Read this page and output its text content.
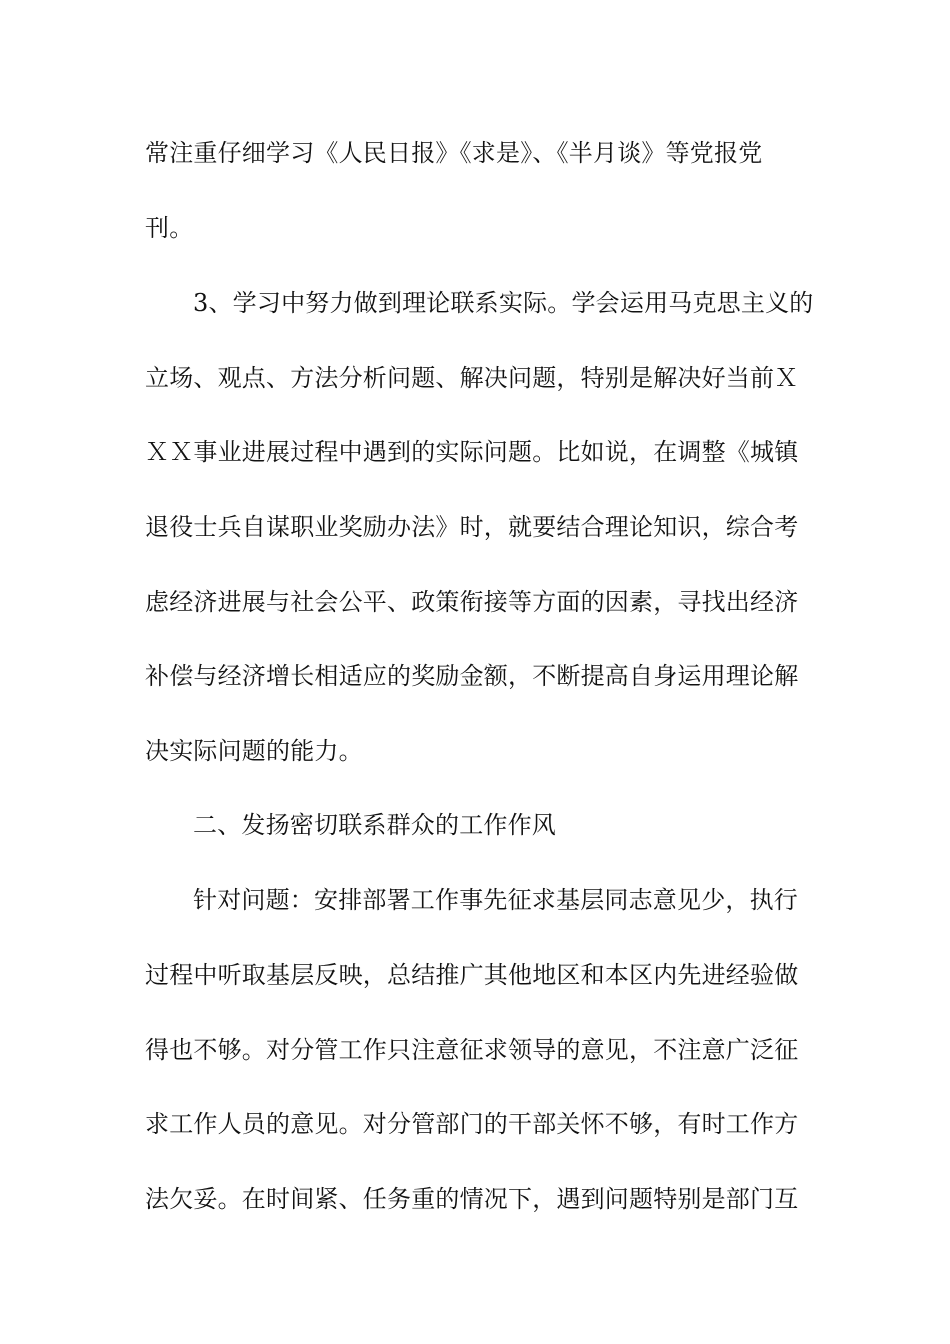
常注重仔细学习《人民日报》《求是》、《半月谈》等党报党
刊。
3、学习中努力做到理论联系实际。学会运用马克思主义的
立场、观点、方法分析问题、解决问题，特别是解决好当前Ｘ
ＸＸ事业进展过程中遇到的实际问题。比如说，在调整《城镇
退役士兵自谋职业奖励办法》时，就要结合理论知识，综合考
虑经济进展与社会公平、政策衔接等方面的因素，寻找出经济
补偿与经济增长相适应的奖励金额，不断提高自身运用理论解
决实际问题的能力。
二、发扬密切联系群众的工作作风
针对问题：安排部署工作事先征求基层同志意见少，执行
过程中听取基层反映，总结推广其他地区和本区内先进经验做
得也不够。对分管工作只注意征求领导的意见，不注意广泛征
求工作人员的意见。对分管部门的干部关怀不够，有时工作方
法欠妥。在时间紧、任务重的情况下，遇到问题特别是部门互
